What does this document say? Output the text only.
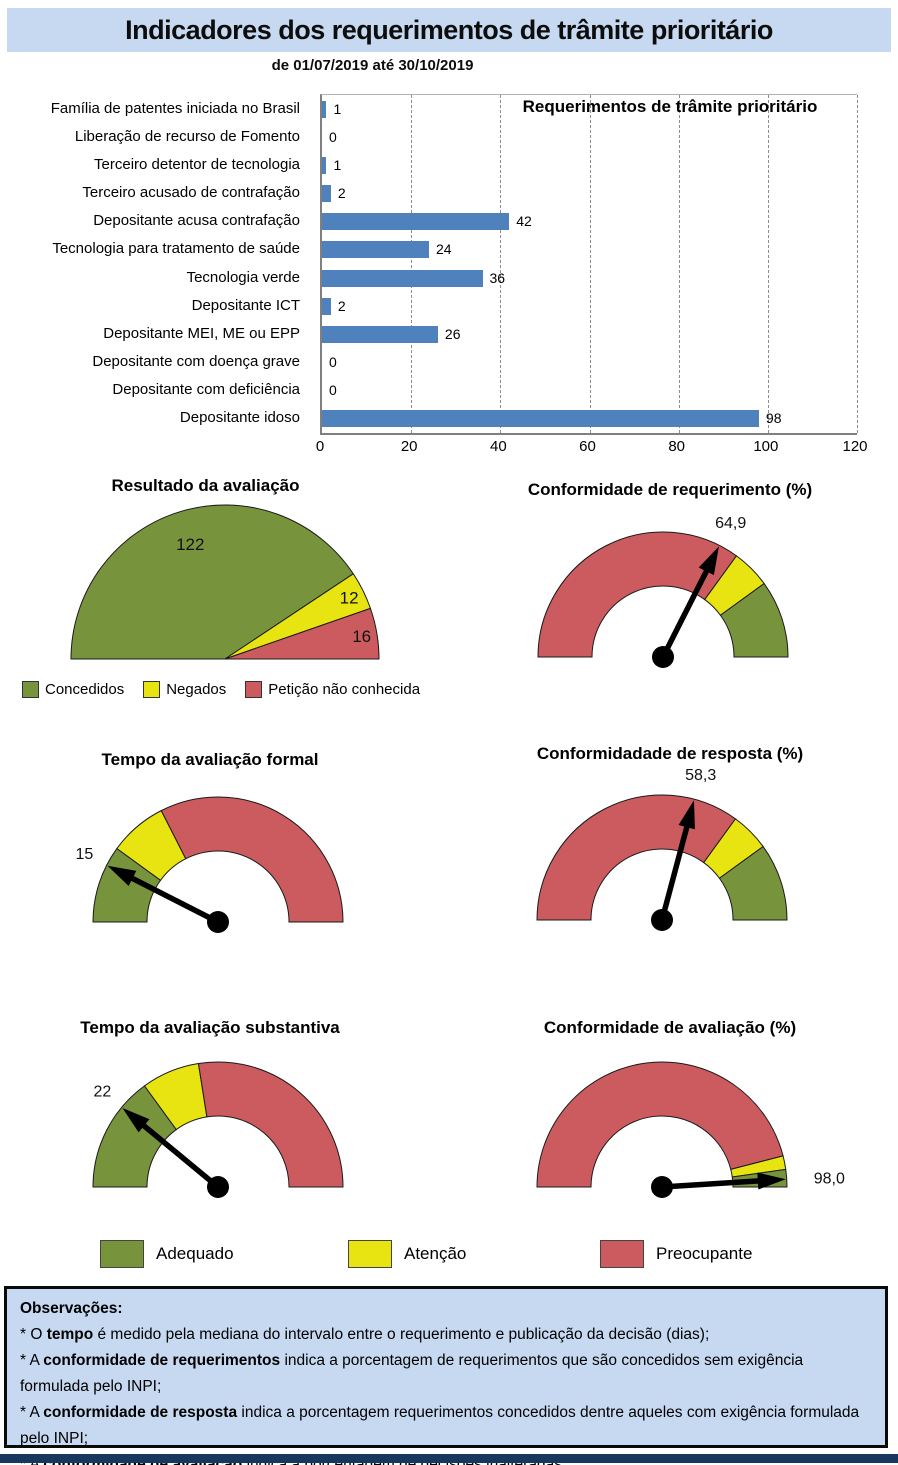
Indicadores dos requerimentos de trâmite prioritário
de 01/07/2019 até 30/10/2019
Família de patentes iniciada no Brasil
Liberação de recurso de Fomento
Terceiro detentor de tecnologia
Terceiro acusado de contrafação
Depositante acusa contrafação
Tecnologia para tratamento de saúde
Tecnologia verde
Depositante ICT
Depositante MEI, ME ou EPP
Depositante com doença grave
Depositante com deficiência
Depositante idoso
1
0
1
2
42
24
36
2
26
0
0
98
Requerimentos de trâmite prioritário
0	20	40	60	80	100	120
Resultado da avaliação
122
12
16
Concedidos	Negados	Petição não conhecida
Conformidade de requerimento (%)
64,9
Tempo da avaliação formal
15
Conformidadade de resposta (%)
58,3
Tempo da avaliação substantiva
22
Conformidade de avaliação (%)
98,0
Adequado	Atenção	Preocupante
Observações:
* O tempo é medido pela mediana do intervalo entre o requerimento e publicação da decisão (dias);
* A conformidade de requerimentos indica a porcentagem de requerimentos que são concedidos sem exigência formulada pelo INPI;
* A conformidade de resposta indica a porcentagem requerimentos concedidos dentre aqueles com exigência formulada pelo INPI;
